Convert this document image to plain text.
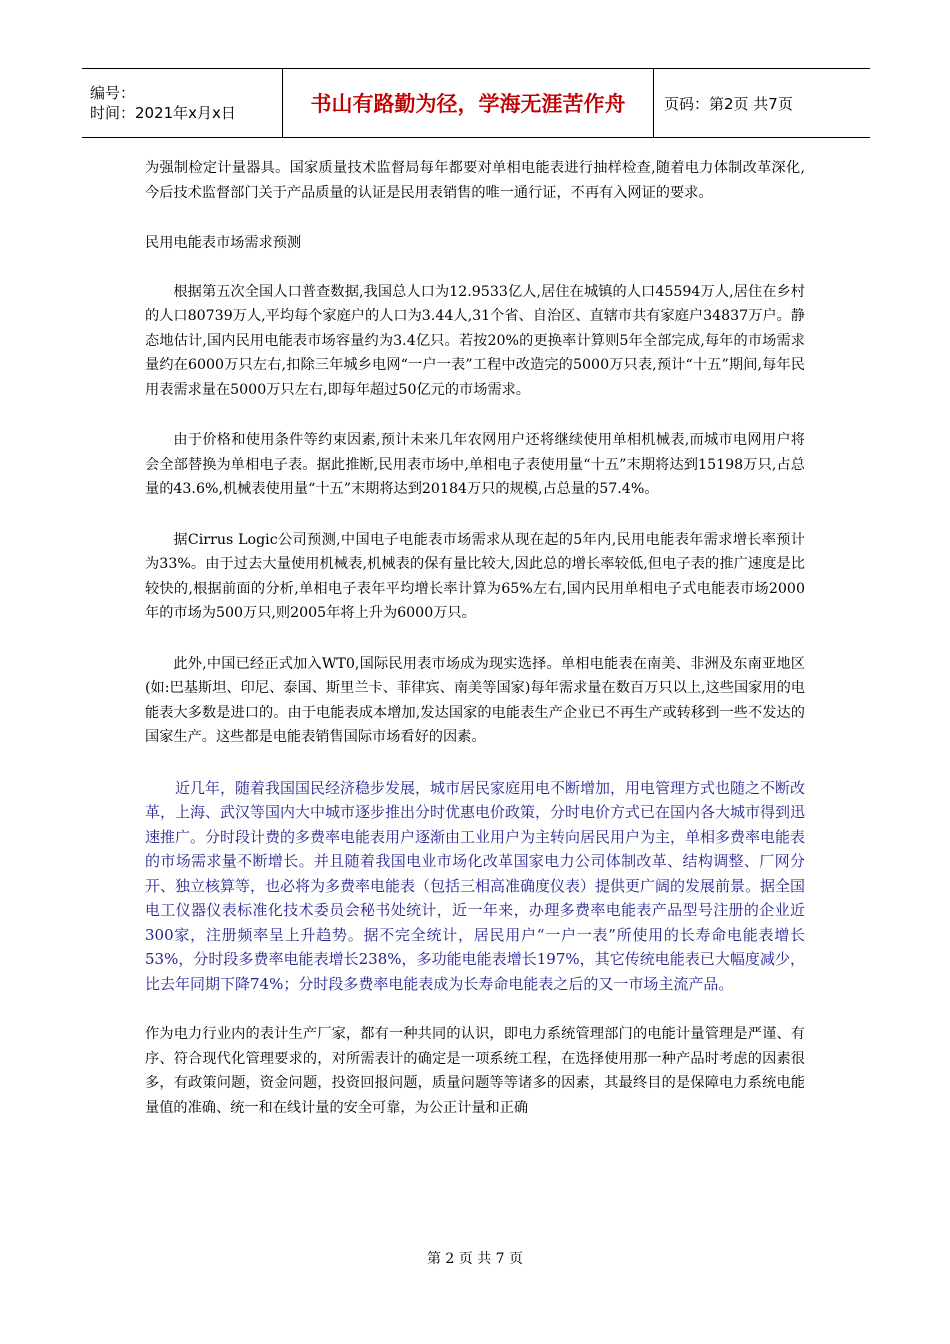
编号：
时间：2021年x月x日	书山有路勤为径，学海无涯苦作舟	页码：第2页 共7页

为强制检定计量器具。国家质量技术监督局每年都要对单相电能表进行抽样检查,随着电力体制改革深化,今后技术监督部门关于产品质量的认证是民用表销售的唯一通行证，不再有入网证的要求。

民用电能表市场需求预测

根据第五次全国人口普查数据,我国总人口为12.9533亿人,居住在城镇的人口45594万人,居住在乡村的人口80739万人,平均每个家庭户的人口为3.44人,31个省、自治区、直辖市共有家庭户34837万户。静态地估计,国内民用电能表市场容量约为3.4亿只。若按20%的更换率计算则5年全部完成,每年的市场需求量约在6000万只左右,扣除三年城乡电网“一户一表”工程中改造完的5000万只表,预计“十五”期间,每年民用表需求量在5000万只左右,即每年超过50亿元的市场需求。

由于价格和使用条件等约束因素,预计未来几年农网用户还将继续使用单相机械表,而城市电网用户将会全部替换为单相电子表。据此推断,民用表市场中,单相电子表使用量“十五”末期将达到15198万只,占总量的43.6%,机械表使用量“十五”末期将达到20184万只的规模,占总量的57.4%。

据Cirrus Logic公司预测,中国电子电能表市场需求从现在起的5年内,民用电能表年需求增长率预计为33%。由于过去大量使用机械表,机械表的保有量比较大,因此总的增长率较低,但电子表的推广速度是比较快的,根据前面的分析,单相电子表年平均增长率计算为65%左右,国内民用单相电子式电能表市场2000年的市场为500万只,则2005年将上升为6000万只。

此外,中国已经正式加入WT0,国际民用表市场成为现实选择。单相电能表在南美、非洲及东南亚地区(如:巴基斯坦、印尼、泰国、斯里兰卡、菲律宾、南美等国家)每年需求量在数百万只以上,这些国家用的电能表大多数是进口的。由于电能表成本增加,发达国家的电能表生产企业已不再生产或转移到一些不发达的国家生产。这些都是电能表销售国际市场看好的因素。

近几年，随着我国国民经济稳步发展，城市居民家庭用电不断增加，用电管理方式也随之不断改革，上海、武汉等国内大中城市逐步推出分时优惠电价政策，分时电价方式已在国内各大城市得到迅速推广。分时段计费的多费率电能表用户逐渐由工业用户为主转向居民用户为主，单相多费率电能表的市场需求量不断增长。并且随着我国电业市场化改革国家电力公司体制改革、结构调整、厂网分开、独立核算等，也必将为多费率电能表（包括三相高准确度仪表）提供更广阔的发展前景。据全国电工仪器仪表标准化技术委员会秘书处统计，近一年来，办理多费率电能表产品型号注册的企业近300家，注册频率呈上升趋势。据不完全统计，居民用户“一户一表”所使用的长寿命电能表增长53%，分时段多费率电能表增长238%，多功能电能表增长197%，其它传统电能表已大幅度减少，比去年同期下降74%；分时段多费率电能表成为长寿命电能表之后的又一市场主流产品。

作为电力行业内的表计生产厂家，都有一种共同的认识，即电力系统管理部门的电能计量管理是严谨、有序、符合现代化管理要求的，对所需表计的确定是一项系统工程，在选择使用那一种产品时考虑的因素很多，有政策问题，资金问题，投资回报问题，质量问题等等诸多的因素，其最终目的是保障电力系统电能量值的准确、统一和在线计量的安全可靠，为公正计量和正确

第 2 页 共 7 页
